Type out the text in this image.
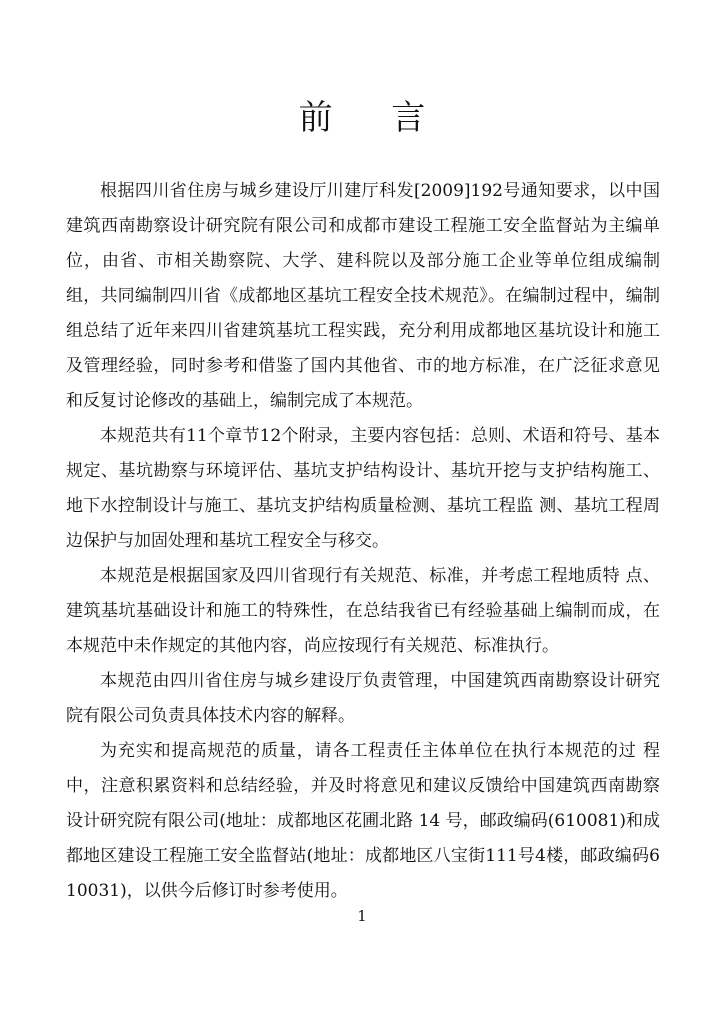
前 言

根据四川省住房与城乡建设厅川建厅科发[2009]192号通知要求，以中国建筑西南勘察设计研究院有限公司和成都市建设工程施工安全监督站为主编单位，由省、市相关勘察院、大学、建科院以及部分施工企业等单位组成编制组，共同编制四川省《成都地区基坑工程安全技术规范》。在编制过程中，编制组总结了近年来四川省建筑基坑工程实践，充分利用成都地区基坑设计和施工及管理经验，同时参考和借鉴了国内其他省、市的地方标准，在广泛征求意见和反复讨论修改的基础上，编制完成了本规范。

本规范共有11个章节12个附录，主要内容包括：总则、术语和符号、基本规定、基坑勘察与环境评估、基坑支护结构设计、基坑开挖与支护结构施工、地下水控制设计与施工、基坑支护结构质量检测、基坑工程监 测、基坑工程周边保护与加固处理和基坑工程安全与移交。

本规范是根据国家及四川省现行有关规范、标准，并考虑工程地质特 点、建筑基坑基础设计和施工的特殊性，在总结我省已有经验基础上编制而成，在本规范中未作规定的其他内容，尚应按现行有关规范、标准执行。

本规范由四川省住房与城乡建设厅负责管理，中国建筑西南勘察设计研究院有限公司负责具体技术内容的解释。

为充实和提高规范的质量，请各工程责任主体单位在执行本规范的过 程中，注意积累资料和总结经验，并及时将意见和建议反馈给中国建筑西南勘察设计研究院有限公司(地址：成都地区花圃北路 14 号，邮政编码(610081)和成都地区建设工程施工安全监督站(地址：成都地区八宝街111号4楼，邮政编码610031)，以供今后修订时参考使用。

1
